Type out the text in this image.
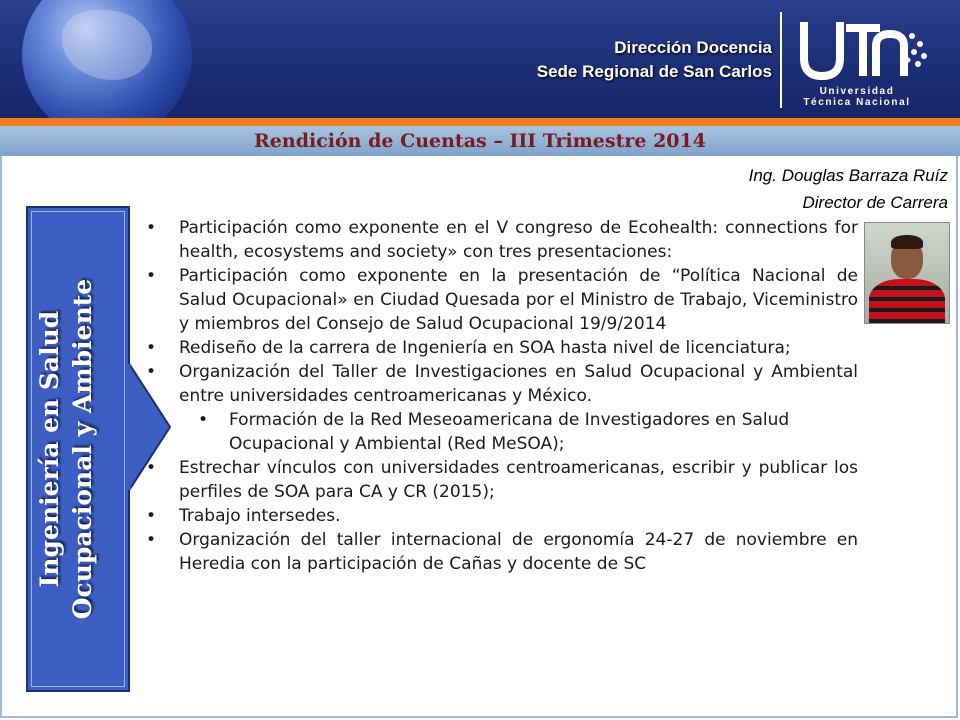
Dirección Docencia
Sede Regional de San Carlos
Universidad
Técnica Nacional
Rendición de Cuentas – III Trimestre 2014
Ing. Douglas Barraza Ruíz
Director de Carrera
Ingeniería en Salud Ocupacional y Ambiente
•	Participación como exponente en el V congreso de Ecohealth: connections for health, ecosystems and society» con tres presentaciones:
•	Participación como exponente en la presentación de “Política Nacional de Salud Ocupacional» en Ciudad Quesada por el Ministro de Trabajo, Viceministro y miembros del Consejo de Salud Ocupacional 19/9/2014
•	Rediseño de la carrera de Ingeniería en SOA hasta nivel de licenciatura;
•	Organización del Taller de Investigaciones en Salud Ocupacional y Ambiental entre universidades centroamericanas y México.
•	Formación de la Red Meseoamericana de Investigadores en Salud Ocupacional y Ambiental (Red MeSOA);
•	Estrechar vínculos con universidades centroamericanas, escribir y publicar los perfiles de SOA para CA y CR (2015);
•	Trabajo intersedes.
•	Organización del taller internacional de ergonomía 24-27 de noviembre en Heredia con la participación de Cañas y docente de SC
